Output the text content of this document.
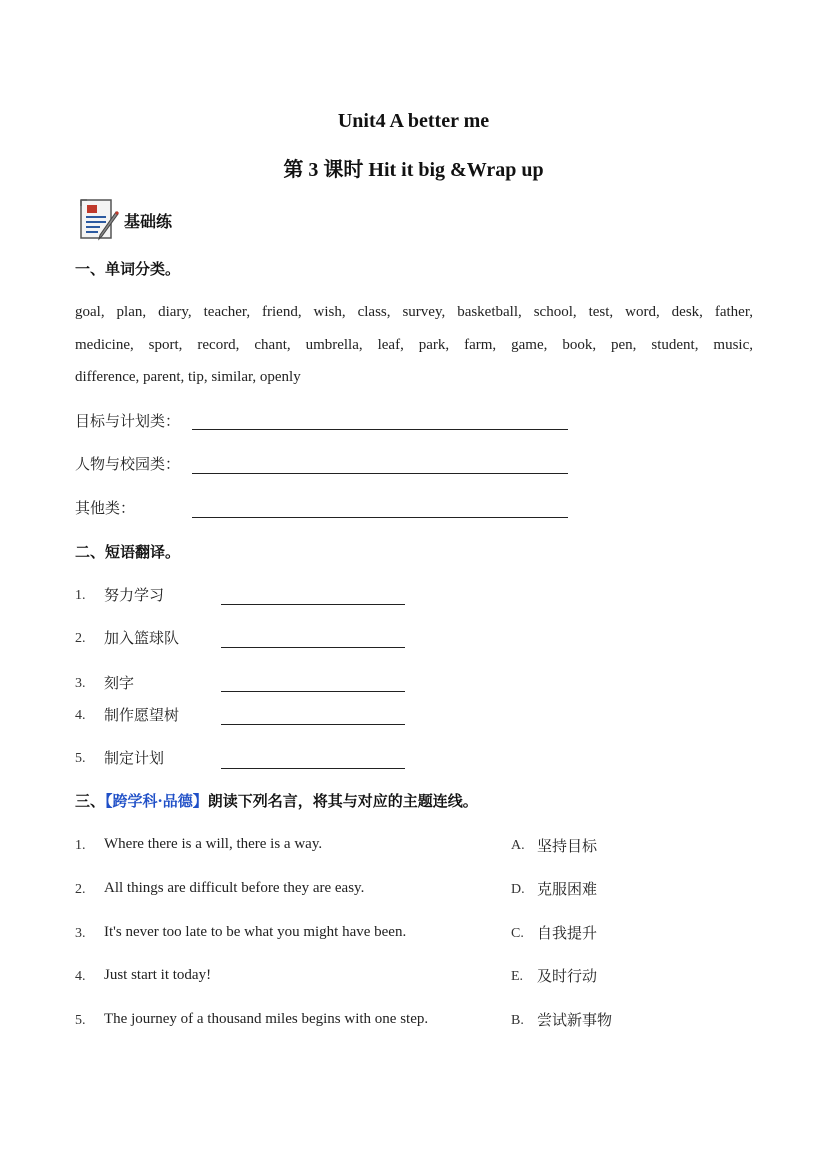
Unit4 A better me
第 3 课时 Hit it big &Wrap up
基础练
一、单词分类。
goal, plan, diary, teacher, friend, wish, class, survey, basketball, school, test, word, desk, father,
medicine, sport, record, chant, umbrella, leaf, park, farm, game, book, pen, student, music,
difference, parent, tip, similar, openly
目标与计划类：
人物与校园类：
其他类：
二、短语翻译。
1. 努力学习
2. 加入篮球队
3. 刻字
4. 制作愿望树
5. 制定计划
三、【跨学科·品德】朗读下列名言，将其与对应的主题连线。
1. Where there is a will, there is a way.	A. 坚持目标
2. All things are difficult before they are easy.	D. 克服困难
3. It's never too late to be what you might have been.	C. 自我提升
4. Just start it today!	E. 及时行动
5. The journey of a thousand miles begins with one step.	B. 尝试新事物
